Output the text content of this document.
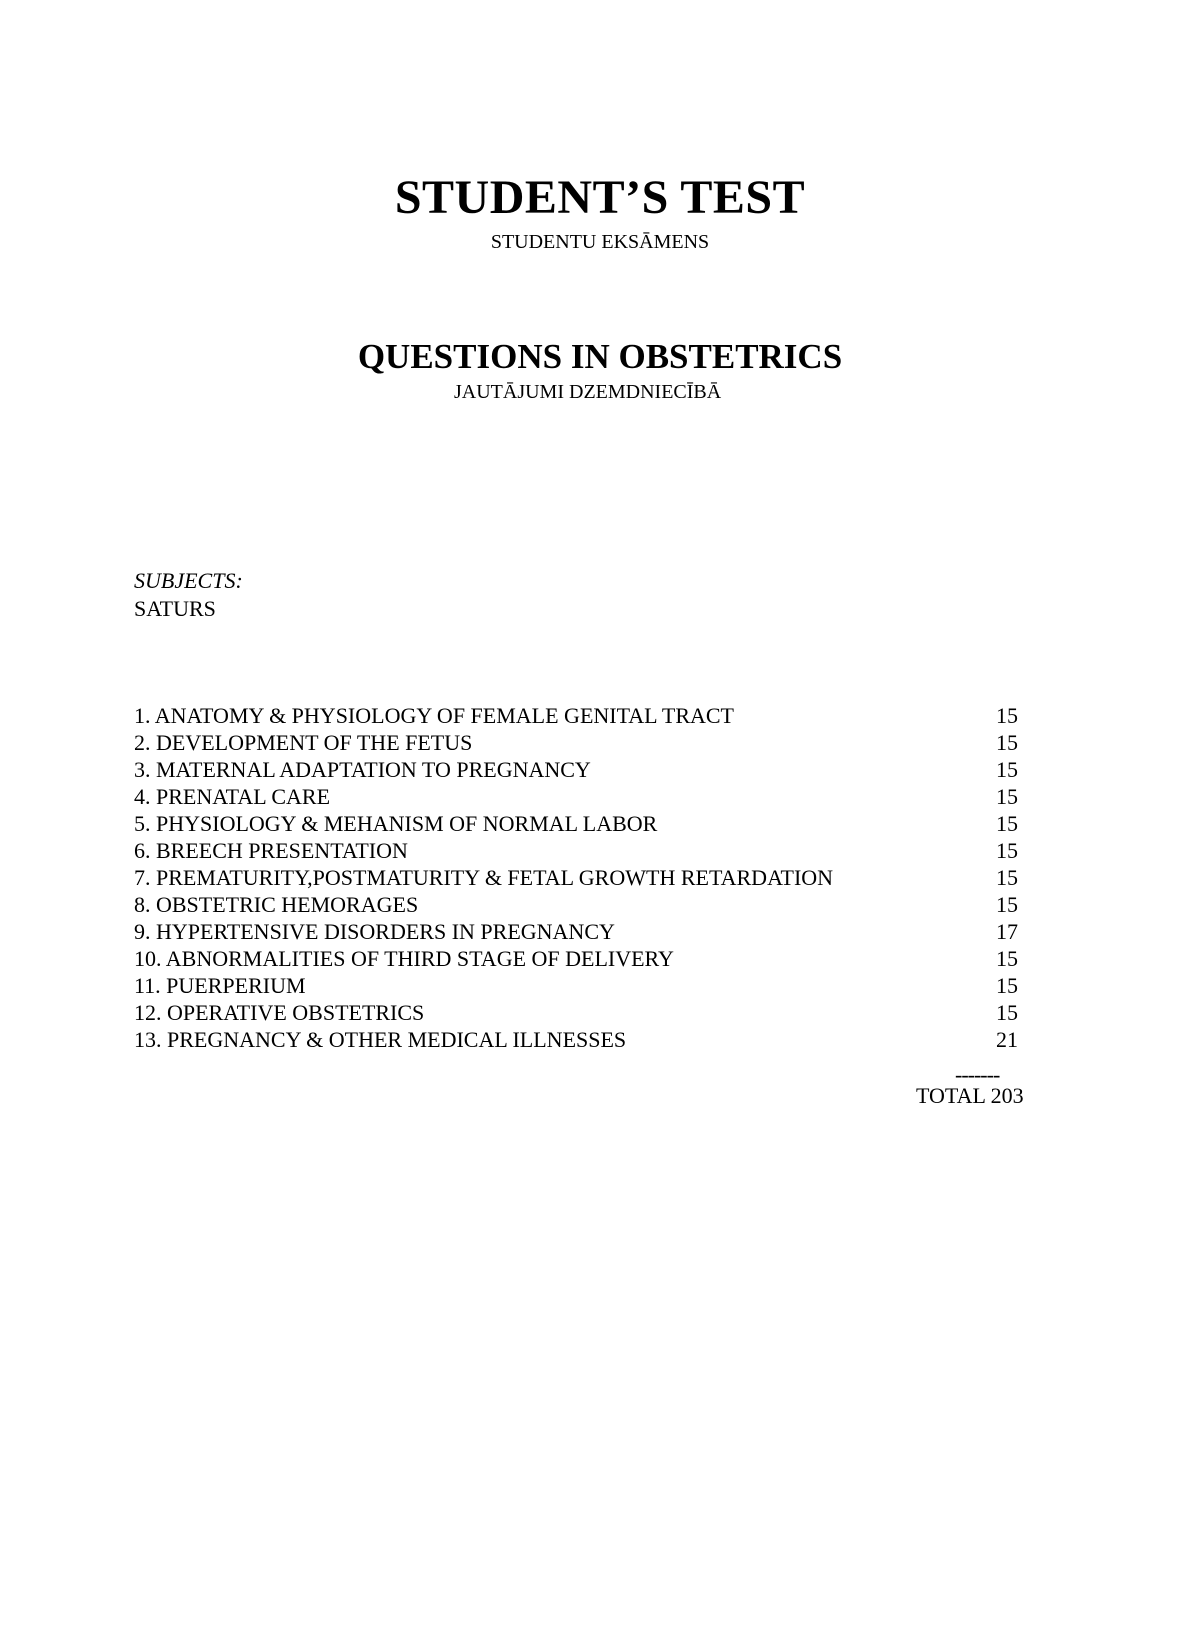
STUDENT’S TEST
STUDENTU EKSĀMENS
QUESTIONS IN OBSTETRICS
JAUTĀJUMI DZEMDNIECĪBĀ
SUBJECTS:
SATURS
1. ANATOMY & PHYSIOLOGY OF FEMALE GENITAL TRACT	15
2. DEVELOPMENT OF THE FETUS	15
3. MATERNAL ADAPTATION TO PREGNANCY	15
4. PRENATAL CARE	15
5. PHYSIOLOGY & MEHANISM OF NORMAL LABOR	15
6. BREECH PRESENTATION	15
7. PREMATURITY,POSTMATURITY & FETAL GROWTH RETARDATION	15
8. OBSTETRIC HEMORAGES	15
9. HYPERTENSIVE DISORDERS IN PREGNANCY	17
10. ABNORMALITIES OF THIRD STAGE OF DELIVERY	15
11. PUERPERIUM	15
12. OPERATIVE OBSTETRICS	15
13. PREGNANCY & OTHER MEDICAL ILLNESSES	21
-------
TOTAL 203
